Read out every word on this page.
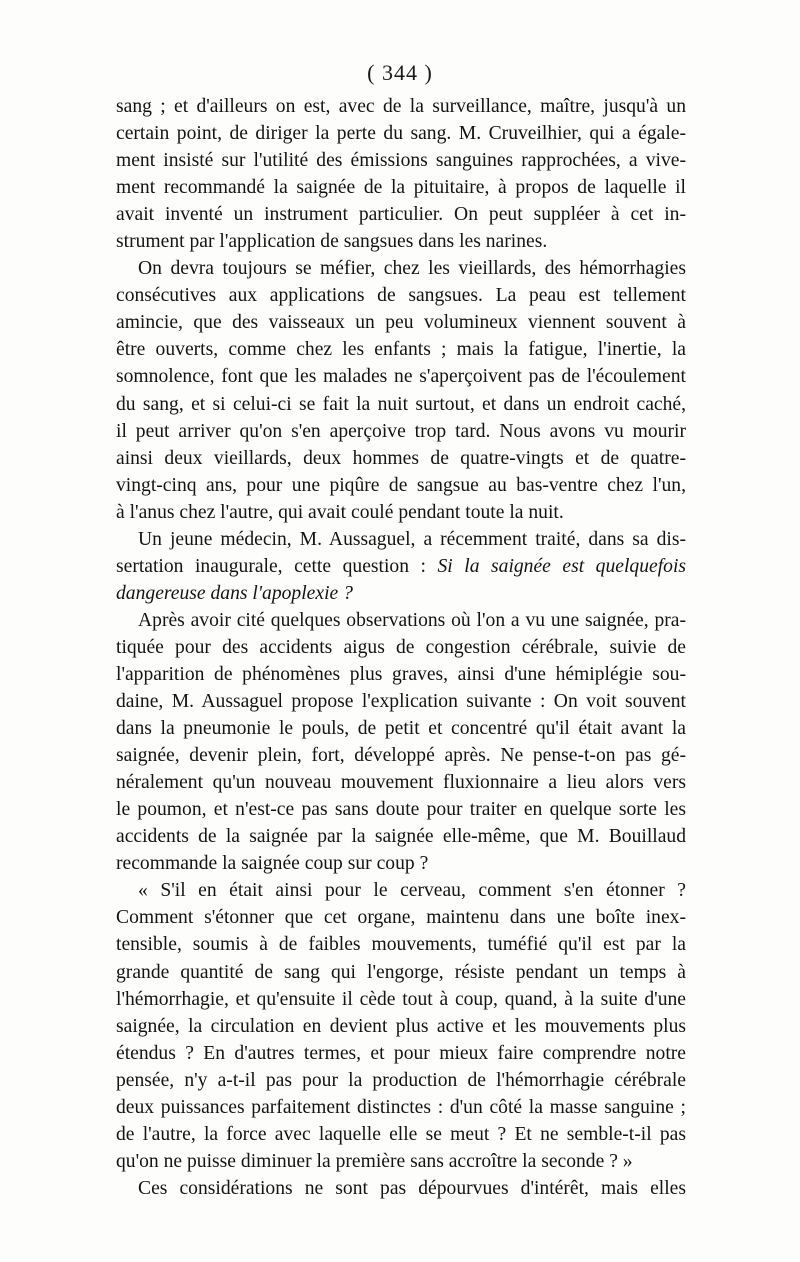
( 344 )
sang ; et d'ailleurs on est, avec de la surveillance, maître, jusqu'à un
certain point, de diriger la perte du sang. M. Cruveilhier, qui a égale-
ment insisté sur l'utilité des émissions sanguines rapprochées, a vive-
ment recommandé la saignée de la pituitaire, à propos de laquelle il
avait inventé un instrument particulier. On peut suppléer à cet in-
strument par l'application de sangsues dans les narines.
On devra toujours se méfier, chez les vieillards, des hémorrhagies
consécutives aux applications de sangsues. La peau est tellement
amincie, que des vaisseaux un peu volumineux viennent souvent à
être ouverts, comme chez les enfants ; mais la fatigue, l'inertie, la
somnolence, font que les malades ne s'aperçoivent pas de l'écoulement
du sang, et si celui-ci se fait la nuit surtout, et dans un endroit caché,
il peut arriver qu'on s'en aperçoive trop tard. Nous avons vu mourir
ainsi deux vieillards, deux hommes de quatre-vingts et de quatre-
vingt-cinq ans, pour une piqûre de sangsue au bas-ventre chez l'un,
à l'anus chez l'autre, qui avait coulé pendant toute la nuit.
Un jeune médecin, M. Aussaguel, a récemment traité, dans sa dis-
sertation inaugurale, cette question : Si la saignée est quelquefois
dangereuse dans l'apoplexie ?
Après avoir cité quelques observations où l'on a vu une saignée, pra-
tiquée pour des accidents aigus de congestion cérébrale, suivie de
l'apparition de phénomènes plus graves, ainsi d'une hémiplégie sou-
daine, M. Aussaguel propose l'explication suivante : On voit souvent
dans la pneumonie le pouls, de petit et concentré qu'il était avant la
saignée, devenir plein, fort, développé après. Ne pense-t-on pas gé-
néralement qu'un nouveau mouvement fluxionnaire a lieu alors vers
le poumon, et n'est-ce pas sans doute pour traiter en quelque sorte les
accidents de la saignée par la saignée elle-même, que M. Bouillaud
recommande la saignée coup sur coup ?
« S'il en était ainsi pour le cerveau, comment s'en étonner ?
Comment s'étonner que cet organe, maintenu dans une boîte inex-
tensible, soumis à de faibles mouvements, tuméfié qu'il est par la
grande quantité de sang qui l'engorge, résiste pendant un temps à
l'hémorrhagie, et qu'ensuite il cède tout à coup, quand, à la suite d'une
saignée, la circulation en devient plus active et les mouvements plus
étendus ? En d'autres termes, et pour mieux faire comprendre notre
pensée, n'y a-t-il pas pour la production de l'hémorrhagie cérébrale
deux puissances parfaitement distinctes : d'un côté la masse sanguine ;
de l'autre, la force avec laquelle elle se meut ? Et ne semble-t-il pas
qu'on ne puisse diminuer la première sans accroître la seconde ? »
Ces considérations ne sont pas dépourvues d'intérêt, mais elles
